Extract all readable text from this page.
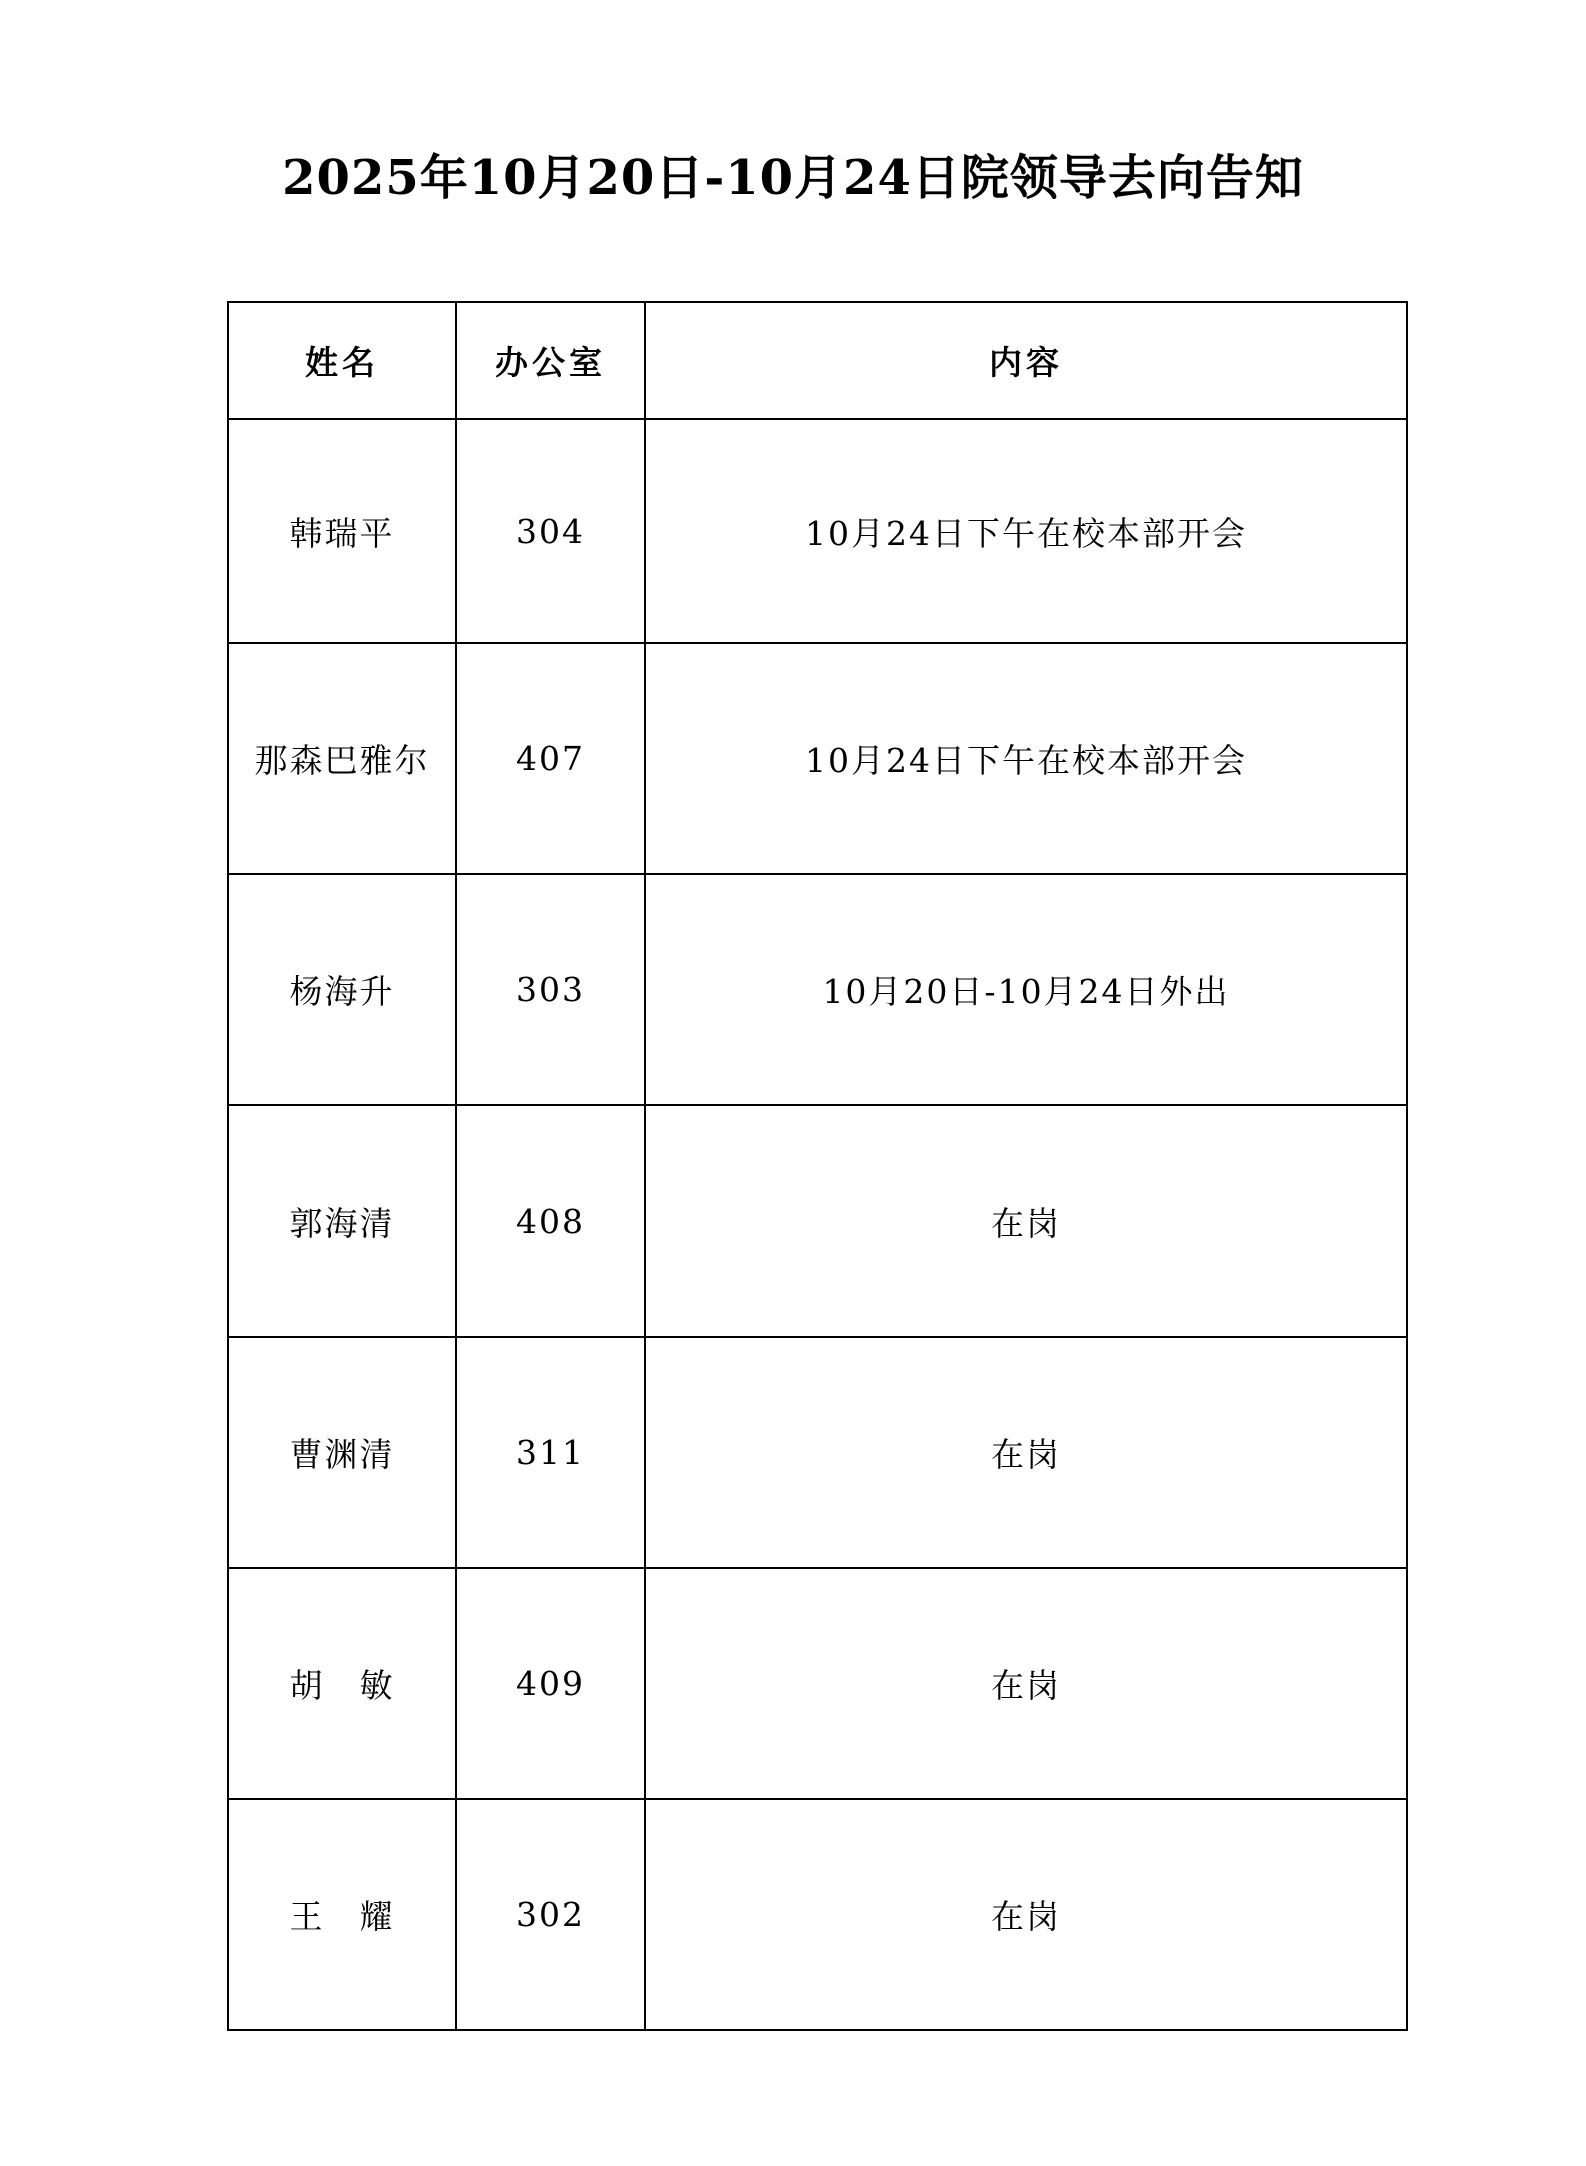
2025年10月20日-10月24日院领导去向告知
姓名	办公室	内容
韩瑞平	304	10月24日下午在校本部开会
那森巴雅尔	407	10月24日下午在校本部开会
杨海升	303	10月20日-10月24日外出
郭海清	408	在岗
曹渊清	311	在岗
胡　敏	409	在岗
王　耀	302	在岗
